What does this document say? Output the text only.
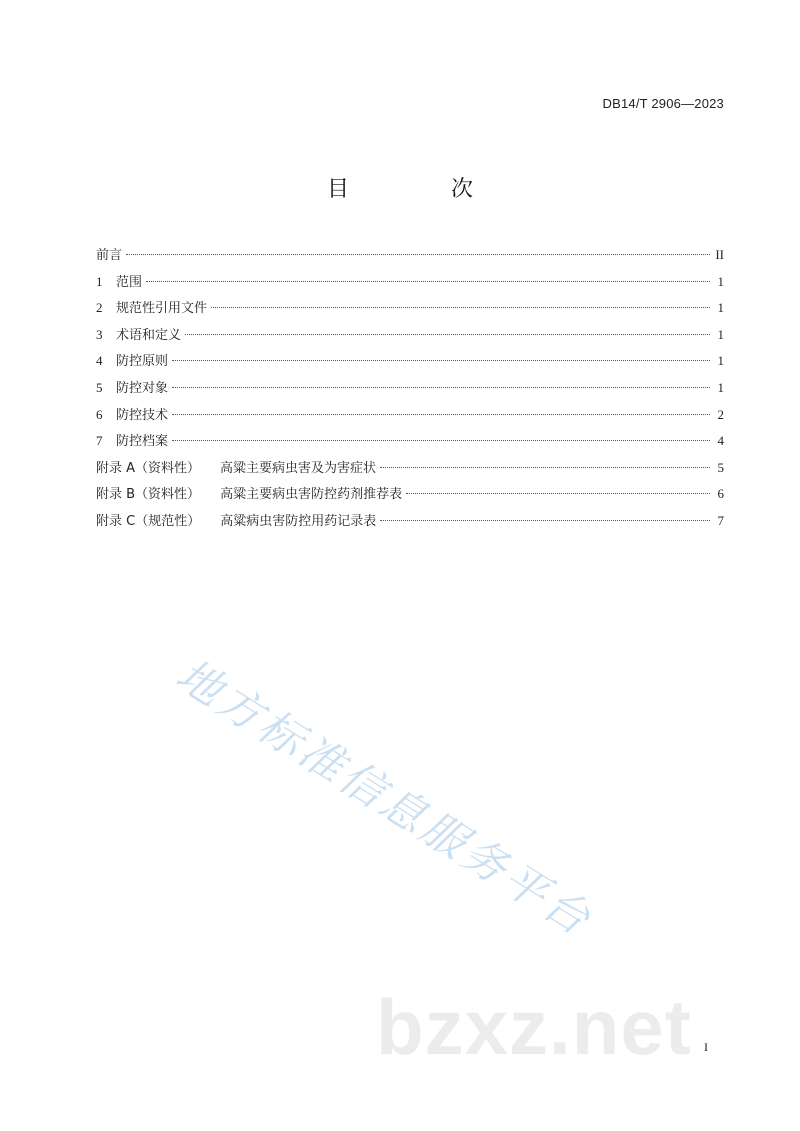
DB14/T 2906—2023
目　次
前言	II
1	范围	1
2	规范性引用文件	1
3	术语和定义	1
4	防控原则	1
5	防控对象	1
6	防控技术	2
7	防控档案	4
附录 A（资料性） 高粱主要病虫害及为害症状	5
附录 B（资料性） 高粱主要病虫害防控药剂推荐表	6
附录 C（规范性） 高粱病虫害防控用药记录表	7
地方标准信息服务平台
bzxz.net I
